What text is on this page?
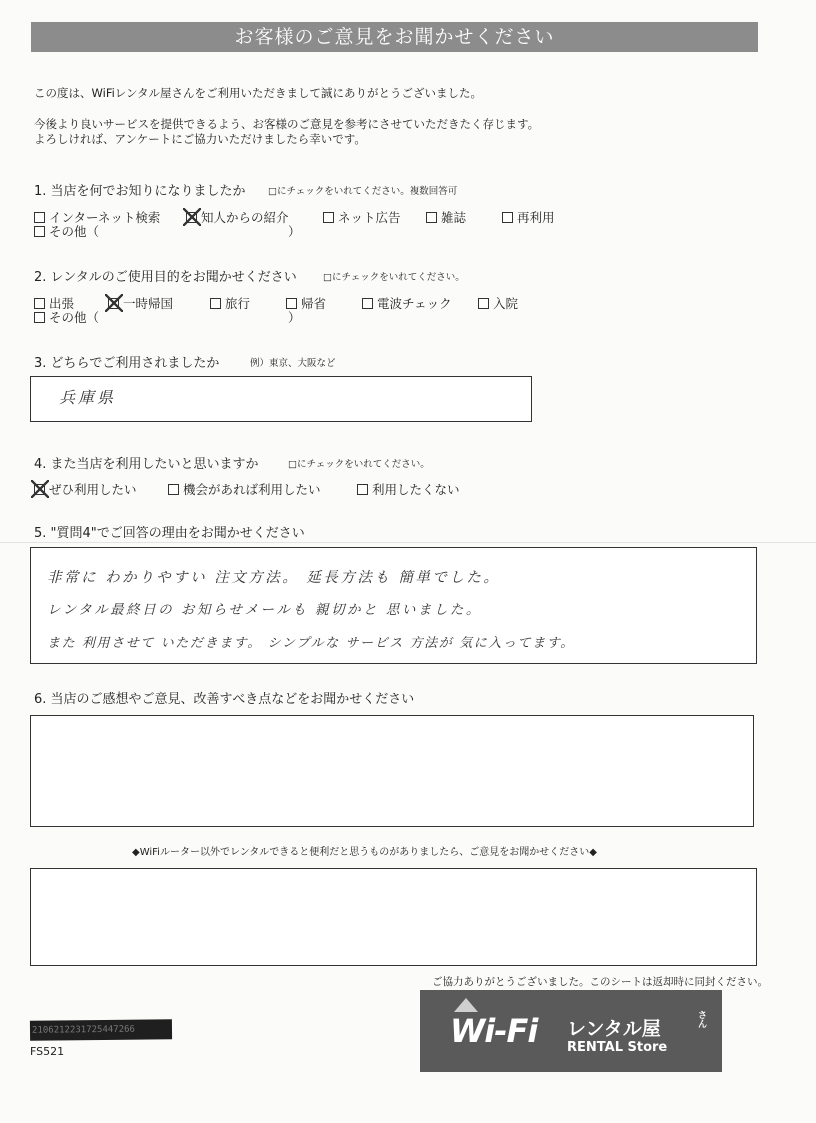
お客様のご意見をお聞かせください
この度は、WiFiレンタル屋さんをご利用いただきまして誠にありがとうございました。
今後より良いサービスを提供できるよう、お客様のご意見を参考にさせていただきたく存じます。
よろしければ、アンケートにご協力いただけましたら幸いです。
1. 当店を何でお知りになりましたか □にチェックをいれてください。複数回答可
インターネット検索	知人からの紹介	ネット広告	雑誌	再利用
その他（	）
2. レンタルのご使用目的をお聞かせください	□にチェックをいれてください。
出張	一時帰国	旅行	帰省	電波チェック	入院
その他（	）
3. どちらでご利用されましたか	例）東京、大阪など
兵庫県
4. また当店を利用したいと思いますか	□にチェックをいれてください。
ぜひ利用したい	機会があれば利用したい	利用したくない
5. "質問4"でご回答の理由をお聞かせください
非常に わかりやすい 注文方法。 延長方法も 簡単でした。
レンタル最終日の お知らせメールも 親切かと 思いました。
また 利用させて いただきます。 シンプルな サービス 方法が 気に入ってます。
6. 当店のご感想やご意見、改善すべき点などをお聞かせください
◆WiFiルーター以外でレンタルできると便利だと思うものがありましたら、ご意見をお聞かせください◆
ご協力ありがとうございました。このシートは返却時に同封ください。
2106212231725447266
FS521
Wi-Fi レンタル屋
さん
RENTAL Store
